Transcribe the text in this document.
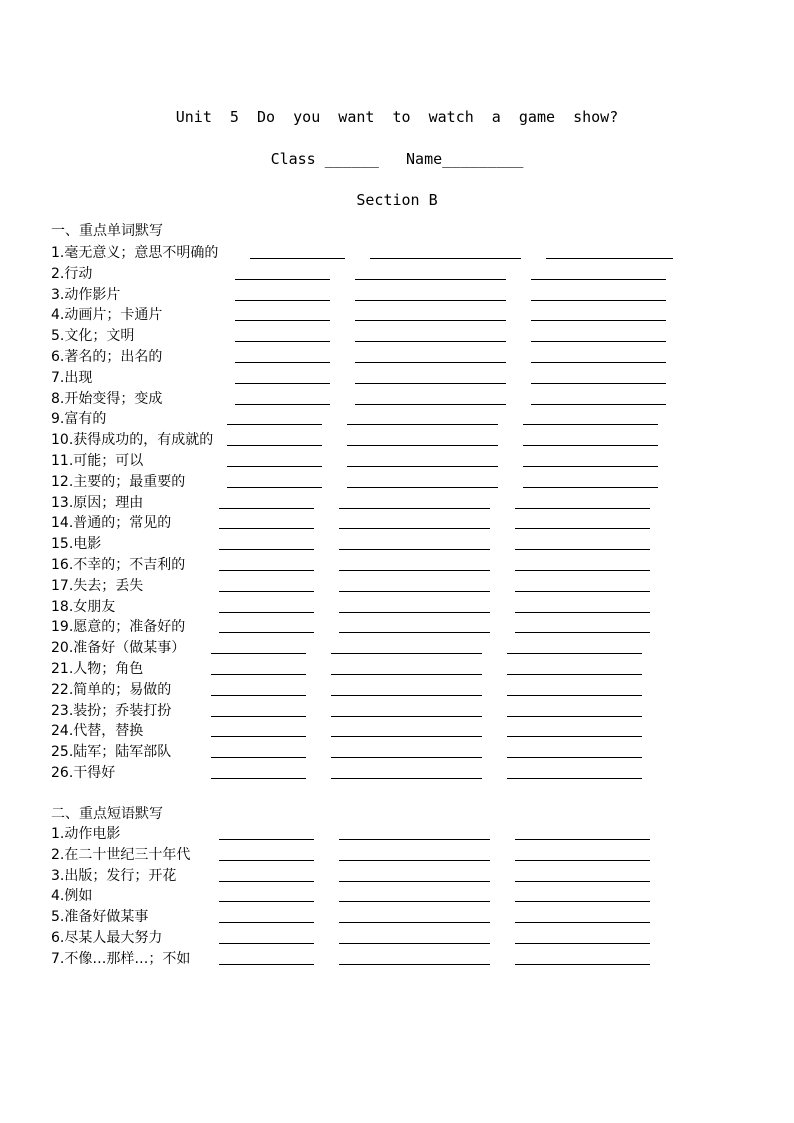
Unit  5  Do  you  want  to  watch  a  game  show?
Class ______   Name_________
Section B
一、重点单词默写
1.毫无意义；意思不明确的
2.行动
3.动作影片
4.动画片；卡通片
5.文化；文明
6.著名的；出名的
7.出现
8.开始变得；变成
9.富有的
10.获得成功的，有成就的
11.可能；可以
12.主要的；最重要的
13.原因；理由
14.普通的；常见的
15.电影
16.不幸的；不吉利的
17.失去；丢失
18.女朋友
19.愿意的；准备好的
20.准备好（做某事）
21.人物；角色
22.简单的；易做的
23.装扮；乔装打扮
24.代替，替换
25.陆军；陆军部队
26.干得好
二、重点短语默写
1.动作电影
2.在二十世纪三十年代
3.出版；发行；开花
4.例如
5.准备好做某事
6.尽某人最大努力
7.不像…那样…；不如
